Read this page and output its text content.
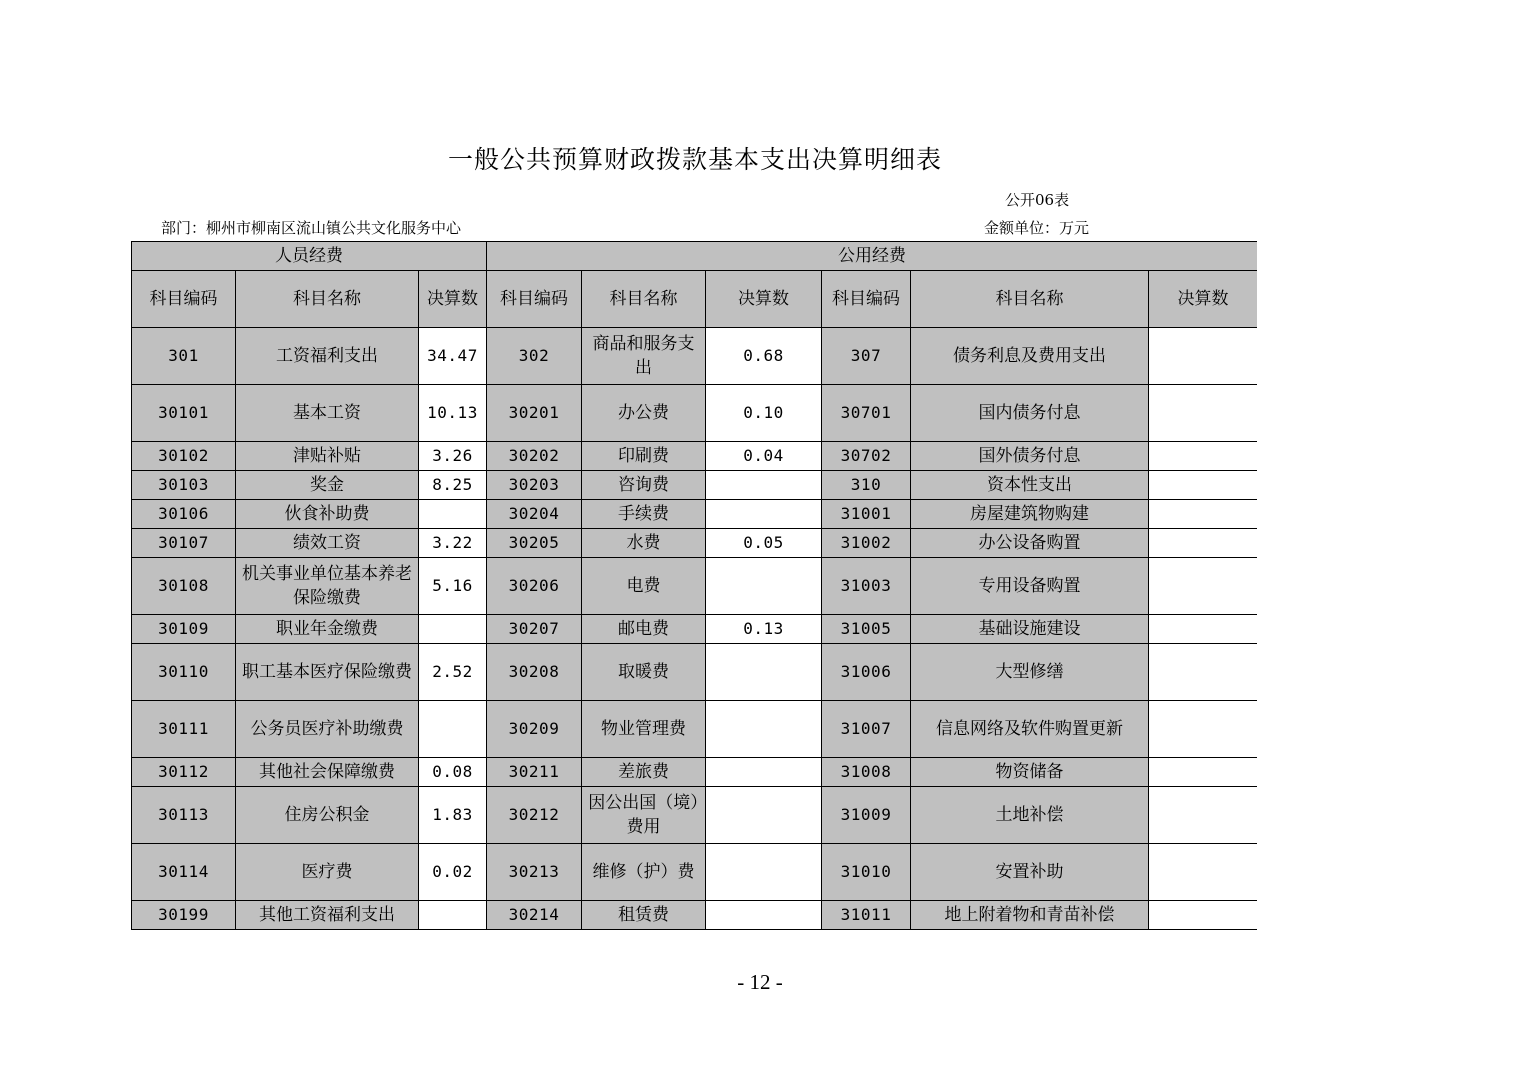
一般公共预算财政拨款基本支出决算明细表
公开06表
部门：柳州市柳南区流山镇公共文化服务中心	金额单位：万元
人员经费			公用经费					
科目编码	科目名称	决算数	科目编码	科目名称	决算数	科目编码	科目名称	决算数
301	工资福利支出	34.47	302	商品和服务支出	0.68	307	债务利息及费用支出	
30101	基本工资	10.13	30201	办公费	0.10	30701	国内债务付息	
30102	津贴补贴	3.26	30202	印刷费	0.04	30702	国外债务付息	
30103	奖金	8.25	30203	咨询费		310	资本性支出	
30106	伙食补助费		30204	手续费		31001	房屋建筑物购建	
30107	绩效工资	3.22	30205	水费	0.05	31002	办公设备购置	
30108	机关事业单位基本养老保险缴费	5.16	30206	电费		31003	专用设备购置	
30109	职业年金缴费		30207	邮电费	0.13	31005	基础设施建设	
30110	职工基本医疗保险缴费	2.52	30208	取暖费		31006	大型修缮	
30111	公务员医疗补助缴费		30209	物业管理费		31007	信息网络及软件购置更新	
30112	其他社会保障缴费	0.08	30211	差旅费		31008	物资储备	
30113	住房公积金	1.83	30212	因公出国（境）费用		31009	土地补偿	
30114	医疗费	0.02	30213	维修（护）费		31010	安置补助	
30199	其他工资福利支出		30214	租赁费		31011	地上附着物和青苗补偿	
- 12 -
